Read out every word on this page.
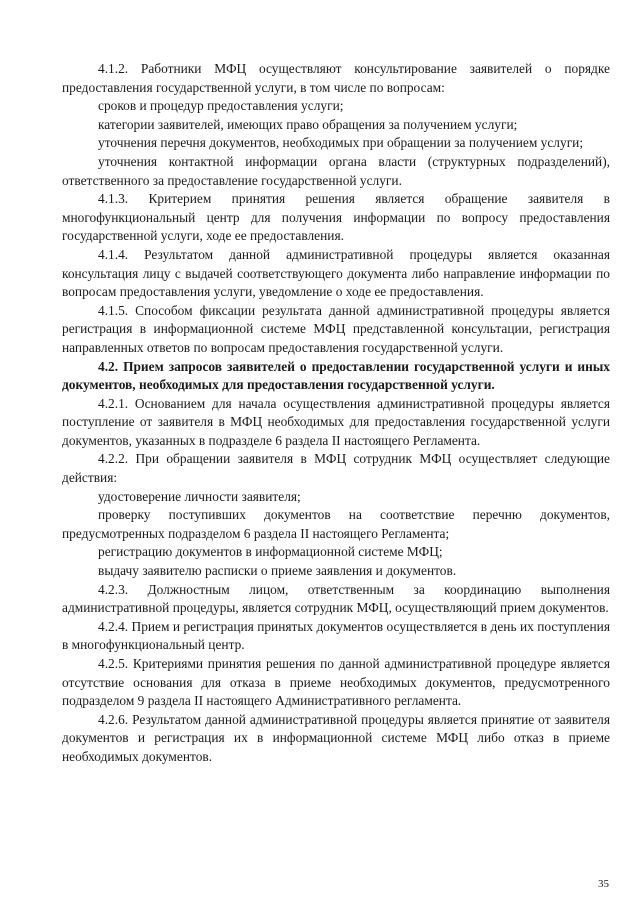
4.1.2. Работники МФЦ осуществляют консультирование заявителей о порядке предоставления государственной услуги, в том числе по вопросам:

сроков и процедур предоставления услуги;

категории заявителей, имеющих право обращения за получением услуги;

уточнения перечня документов, необходимых при обращении за получением услуги;

уточнения контактной информации органа власти (структурных подразделений), ответственного за предоставление государственной услуги.

4.1.3. Критерием принятия решения является обращение заявителя в многофункциональный центр для получения информации по вопросу предоставления государственной услуги, ходе ее предоставления.

4.1.4. Результатом данной административной процедуры является оказанная консультация лицу с выдачей соответствующего документа либо направление информации по вопросам предоставления услуги, уведомление о ходе ее предоставления.

4.1.5. Способом фиксации результата данной административной процедуры является регистрация в информационной системе МФЦ представленной консультации, регистрация направленных ответов по вопросам предоставления государственной услуги.

4.2. Прием запросов заявителей о предоставлении государственной услуги и иных документов, необходимых для предоставления государственной услуги.

4.2.1. Основанием для начала осуществления административной процедуры является поступление от заявителя в МФЦ необходимых для предоставления государственной услуги документов, указанных в подразделе 6 раздела II настоящего Регламента.

4.2.2. При обращении заявителя в МФЦ сотрудник МФЦ осуществляет следующие действия:

удостоверение личности заявителя;

проверку поступивших документов на соответствие перечню документов, предусмотренных подразделом 6 раздела II настоящего Регламента;

регистрацию документов в информационной системе МФЦ;

выдачу заявителю расписки о приеме заявления и документов.

4.2.3. Должностным лицом, ответственным за координацию выполнения административной процедуры, является сотрудник МФЦ, осуществляющий прием документов.

4.2.4. Прием и регистрация принятых документов осуществляется в день их поступления в многофункциональный центр.

4.2.5. Критериями принятия решения по данной административной процедуре является отсутствие основания для отказа в приеме необходимых документов, предусмотренного подразделом 9 раздела II настоящего Административного регламента.

4.2.6. Результатом данной административной процедуры является принятие от заявителя документов и регистрация их в информационной системе МФЦ либо отказ в приеме необходимых документов.

35
